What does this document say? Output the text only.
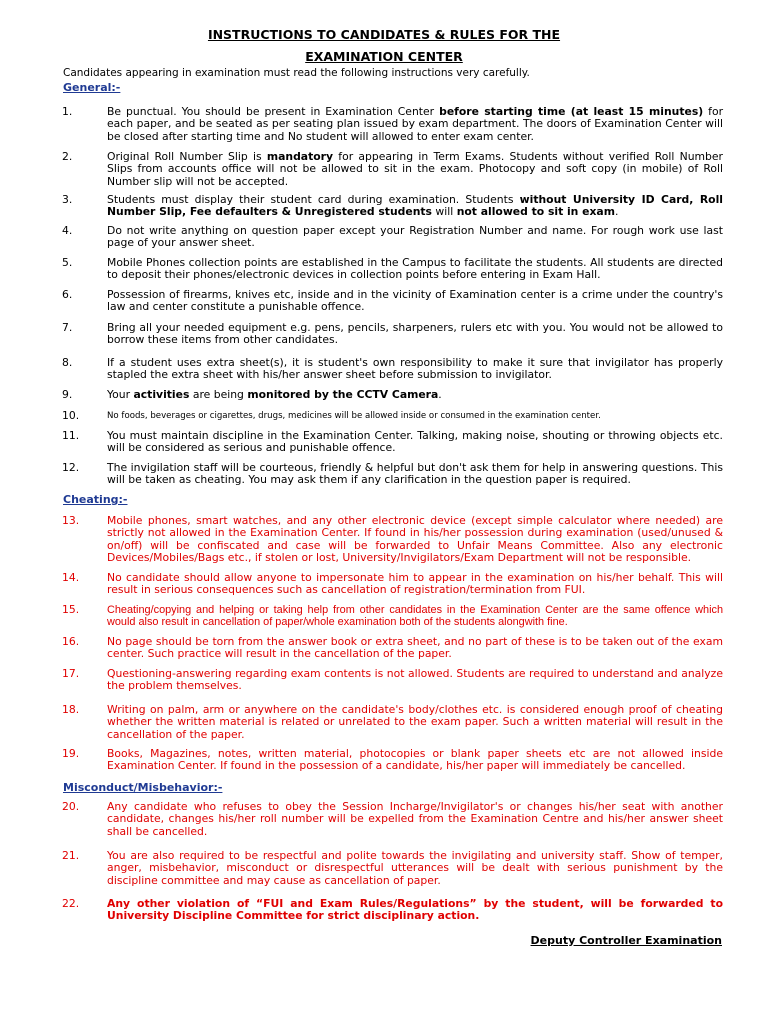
INSTRUCTIONS TO CANDIDATES & RULES FOR THE
EXAMINATION CENTER
Candidates appearing in examination must read the following instructions very carefully.
General:-
1.	Be punctual. You should be present in Examination Center before starting time (at least 15 minutes) for each paper, and be seated as per seating plan issued by exam department. The doors of Examination Center will be closed after starting time and No student will allowed to enter exam center.
2.	Original Roll Number Slip is mandatory for appearing in Term Exams. Students without verified Roll Number Slips from accounts office will not be allowed to sit in the exam. Photocopy and soft copy (in mobile) of Roll Number slip will not be accepted.
3.	Students must display their student card during examination. Students without University ID Card, Roll Number Slip, Fee defaulters & Unregistered students will not allowed to sit in exam.
4.	Do not write anything on question paper except your Registration Number and name. For rough work use last page of your answer sheet.
5.	Mobile Phones collection points are established in the Campus to facilitate the students. All students are directed to deposit their phones/electronic devices in collection points before entering in Exam Hall.
6.	Possession of firearms, knives etc, inside and in the vicinity of Examination center is a crime under the country's law and center constitute a punishable offence.
7.	Bring all your needed equipment e.g. pens, pencils, sharpeners, rulers etc with you. You would not be allowed to borrow these items from other candidates.
8.	If a student uses extra sheet(s), it is student's own responsibility to make it sure that invigilator has properly stapled the extra sheet with his/her answer sheet before submission to invigilator.
9.	Your activities are being monitored by the CCTV Camera.
10.	No foods, beverages or cigarettes, drugs, medicines will be allowed inside or consumed in the examination center.
11.	You must maintain discipline in the Examination Center. Talking, making noise, shouting or throwing objects etc. will be considered as serious and punishable offence.
12.	The invigilation staff will be courteous, friendly & helpful but don't ask them for help in answering questions. This will be taken as cheating. You may ask them if any clarification in the question paper is required.
Cheating:-
13.	Mobile phones, smart watches, and any other electronic device (except simple calculator where needed) are strictly not allowed in the Examination Center. If found in his/her possession during examination (used/unused & on/off) will be confiscated and case will be forwarded to Unfair Means Committee. Also any electronic Devices/Mobiles/Bags etc., if stolen or lost, University/Invigilators/Exam Department will not be responsible.
14.	No candidate should allow anyone to impersonate him to appear in the examination on his/her behalf. This will result in serious consequences such as cancellation of registration/termination from FUI.
15.	Cheating/copying and helping or taking help from other candidates in the Examination Center are the same offence which would also result in cancellation of paper/whole examination both of the students alongwith fine.
16.	No page should be torn from the answer book or extra sheet, and no part of these is to be taken out of the exam center. Such practice will result in the cancellation of the paper.
17.	Questioning-answering regarding exam contents is not allowed. Students are required to understand and analyze the problem themselves.
18.	Writing on palm, arm or anywhere on the candidate's body/clothes etc. is considered enough proof of cheating whether the written material is related or unrelated to the exam paper. Such a written material will result in the cancellation of the paper.
19.	Books, Magazines, notes, written material, photocopies or blank paper sheets etc are not allowed inside Examination Center. If found in the possession of a candidate, his/her paper will immediately be cancelled.
Misconduct/Misbehavior:-
20.	Any candidate who refuses to obey the Session Incharge/Invigilator's or changes his/her seat with another candidate, changes his/her roll number will be expelled from the Examination Centre and his/her answer sheet shall be cancelled.
21.	You are also required to be respectful and polite towards the invigilating and university staff. Show of temper, anger, misbehavior, misconduct or disrespectful utterances will be dealt with serious punishment by the discipline committee and may cause as cancellation of paper.
22.	Any other violation of “FUI and Exam Rules/Regulations” by the student, will be forwarded to University Discipline Committee for strict disciplinary action.
Deputy Controller Examination
